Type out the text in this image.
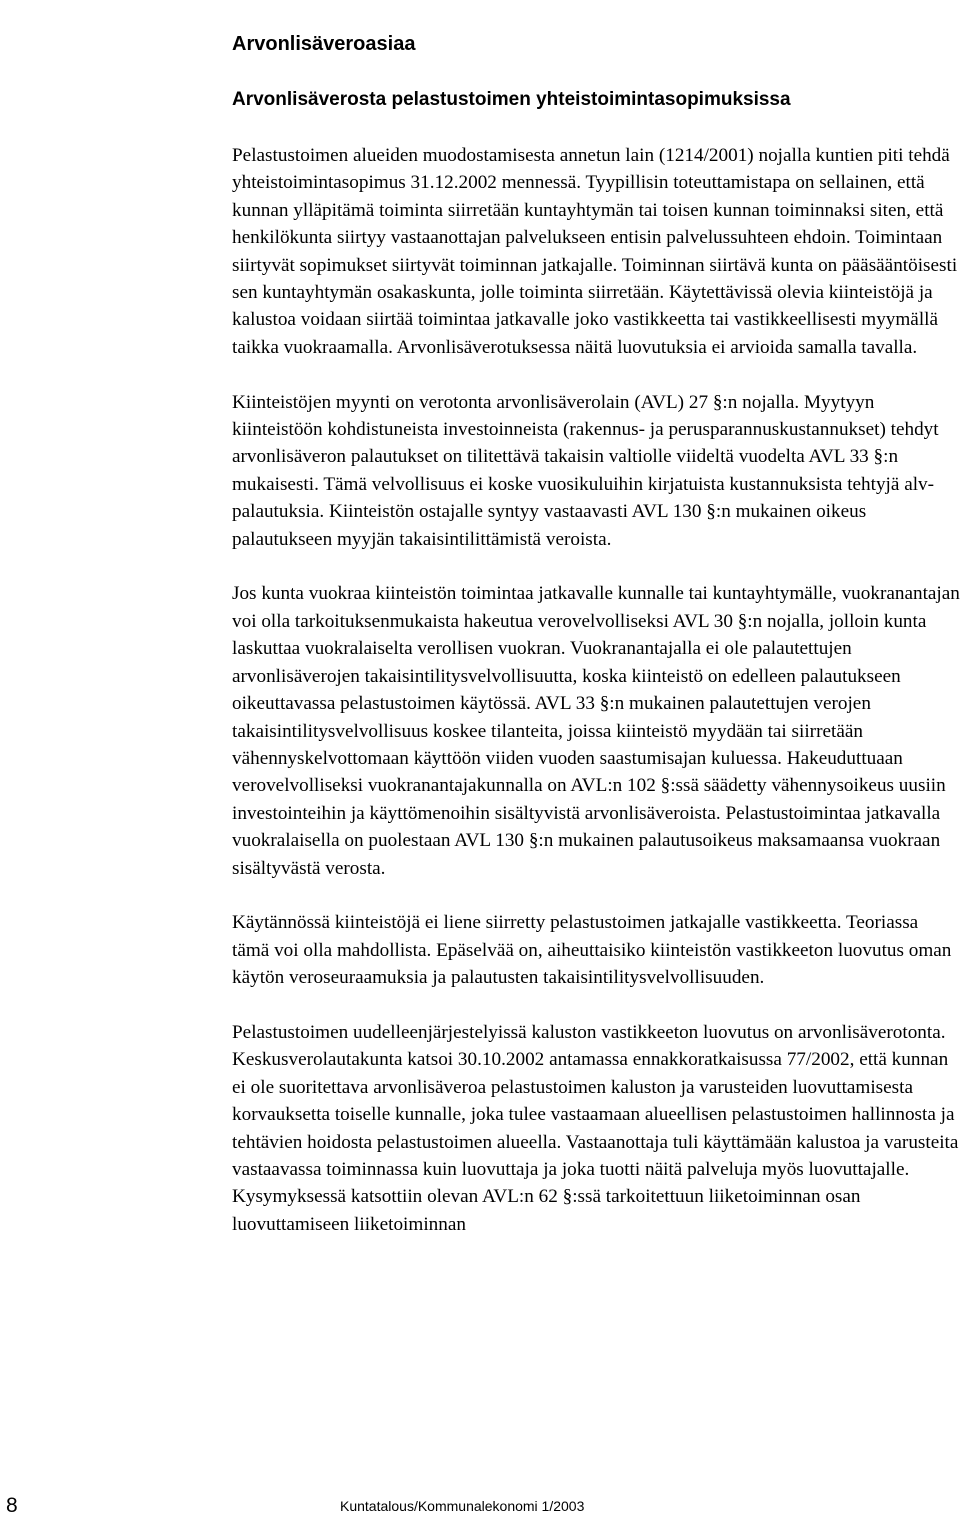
Arvonlisäveroasiaa
Arvonlisäverosta pelastustoimen yhteistoimintasopimuksissa

Pelastustoimen alueiden muodostamisesta annetun lain (1214/2001) nojalla kuntien piti tehdä yhteistoimintasopimus 31.12.2002 mennessä. Tyypillisin toteuttamistapa on sellainen, että kunnan ylläpitämä toiminta siirretään kuntayhtymän tai toisen kunnan toiminnaksi siten, että henkilökunta siirtyy vastaanottajan palvelukseen entisin palvelussuhteen ehdoin. Toimintaan siirtyvät sopimukset siirtyvät toiminnan jatkajalle. Toiminnan siirtävä kunta on pääsääntöisesti sen kuntayhtymän osakaskunta, jolle toiminta siirretään. Käytettävissä olevia kiinteistöjä ja kalustoa voidaan siirtää toimintaa jatkavalle joko vastikkeetta tai vastikkeellisesti myymällä taikka vuokraamalla. Arvonlisäverotuksessa näitä luovutuksia ei arvioida samalla tavalla.

Kiinteistöjen myynti on verotonta arvonlisäverolain (AVL) 27 §:n nojalla. Myytyyn kiinteistöön kohdistuneista investoinneista (rakennus- ja perusparannuskustannukset) tehdyt arvonlisäveron palautukset on tilitettävä takaisin valtiolle viideltä vuodelta AVL 33 §:n mukaisesti. Tämä velvollisuus ei koske vuosikuluihin kirjatuista kustannuksista tehtyjä alv-palautuksia. Kiinteistön ostajalle syntyy vastaavasti AVL 130 §:n mukainen oikeus palautukseen myyjän takaisintilittämistä veroista.

Jos kunta vuokraa kiinteistön toimintaa jatkavalle kunnalle tai kuntayhtymälle, vuokranantajan voi olla tarkoituksenmukaista hakeutua verovelvolliseksi AVL 30 §:n nojalla, jolloin kunta laskuttaa vuokralaiselta verollisen vuokran. Vuokranantajalla ei ole palautettujen arvonlisäverojen takaisintilitysvelvollisuutta, koska kiinteistö on edelleen palautukseen oikeuttavassa pelastustoimen käytössä. AVL 33 §:n mukainen palautettujen verojen takaisintilitysvelvollisuus koskee tilanteita, joissa kiinteistö myydään tai siirretään vähennyskelvottomaan käyttöön viiden vuoden saastumisajan kuluessa. Hakeuduttuaan verovelvolliseksi vuokranantajakunnalla on AVL:n 102 §:ssä säädetty vähennysoikeus uusiin investointeihin ja käyttömenoihin sisältyvistä arvonlisäveroista. Pelastustoimintaa jatkavalla vuokralaisella on puolestaan AVL 130 §:n mukainen palautusoikeus maksamaansa vuokraan sisältyvästä verosta.

Käytännössä kiinteistöjä ei liene siirretty pelastustoimen jatkajalle vastikkeetta. Teoriassa tämä voi olla mahdollista. Epäselvää on, aiheuttaisiko kiinteistön vastikkeeton luovutus oman käytön veroseuraamuksia ja palautusten takaisintilitysvelvollisuuden.

Pelastustoimen uudelleenjärjestelyissä kaluston vastikkeeton luovutus on arvonlisäverotonta. Keskusverolautakunta katsoi 30.10.2002 antamassa ennakkoratkaisussa 77/2002, että kunnan ei ole suoritettava arvonlisäveroa pelastustoimen kaluston ja varusteiden luovuttamisesta korvauksetta toiselle kunnalle, joka tulee vastaamaan alueellisen pelastustoimen hallinnosta ja tehtävien hoidosta pelastustoimen alueella. Vastaanottaja tuli käyttämään kalustoa ja varusteita vastaavassa toiminnassa kuin luovuttaja ja joka tuotti näitä palveluja myös luovuttajalle. Kysymyksessä katsottiin olevan AVL:n 62 §:ssä tarkoitettuun liiketoiminnan osan luovuttamiseen liiketoiminnan

8	Kuntatalous/Kommunalekonomi 1/2003
